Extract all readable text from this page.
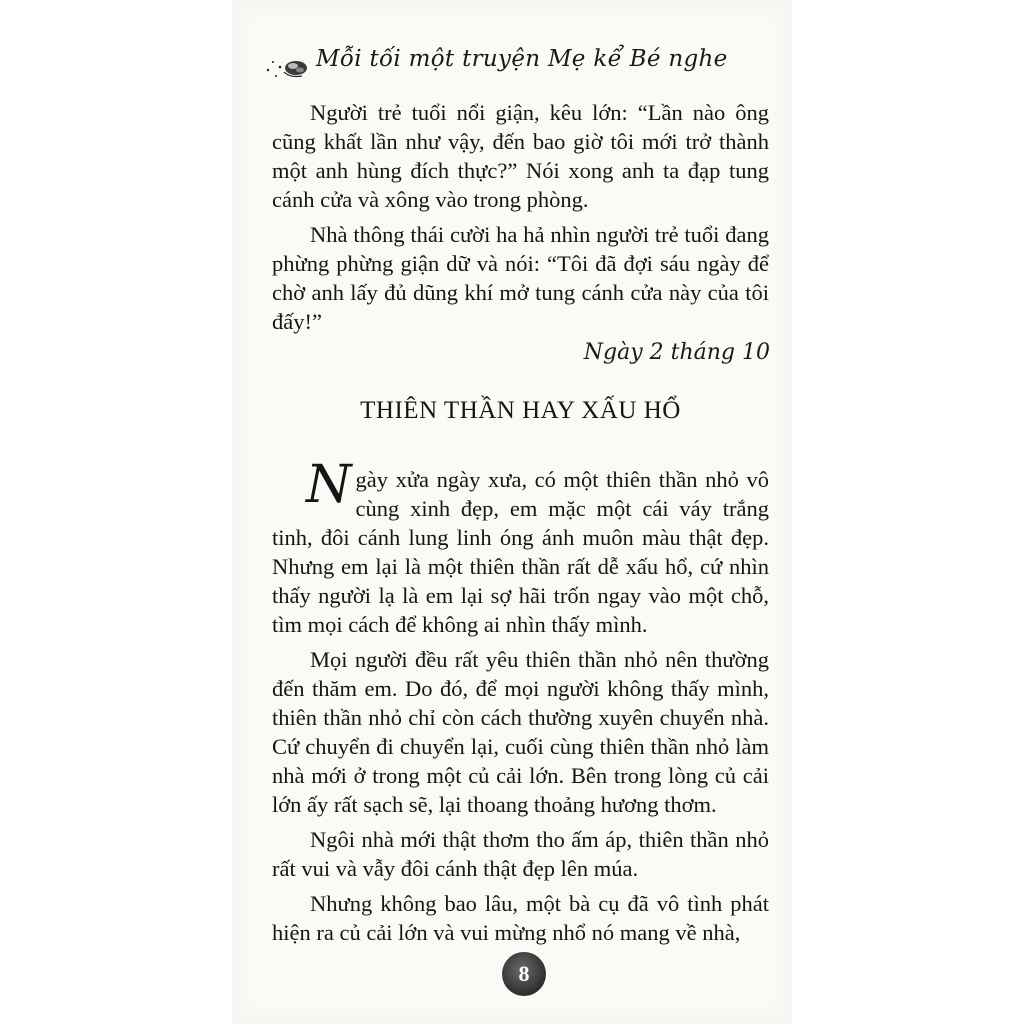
Mỗi tối một truyện Mẹ kể Bé nghe

Người trẻ tuổi nổi giận, kêu lớn: “Lần nào ông cũng khất lần như vậy, đến bao giờ tôi mới trở thành một anh hùng đích thực?” Nói xong anh ta đạp tung cánh cửa và xông vào trong phòng.

Nhà thông thái cười ha hả nhìn người trẻ tuổi đang phừng phừng giận dữ và nói: “Tôi đã đợi sáu ngày để chờ anh lấy đủ dũng khí mở tung cánh cửa này của tôi đấy!”

Ngày 2 tháng 10
THIÊN THẦN HAY XẤU HỔ

Ngày xửa ngày xưa, có một thiên thần nhỏ vô cùng xinh đẹp, em mặc một cái váy trắng tinh, đôi cánh lung linh óng ánh muôn màu thật đẹp. Nhưng em lại là một thiên thần rất dễ xấu hổ, cứ nhìn thấy người lạ là em lại sợ hãi trốn ngay vào một chỗ, tìm mọi cách để không ai nhìn thấy mình.

Mọi người đều rất yêu thiên thần nhỏ nên thường đến thăm em. Do đó, để mọi người không thấy mình, thiên thần nhỏ chỉ còn cách thường xuyên chuyển nhà. Cứ chuyển đi chuyển lại, cuối cùng thiên thần nhỏ làm nhà mới ở trong một củ cải lớn. Bên trong lòng củ cải lớn ấy rất sạch sẽ, lại thoang thoảng hương thơm.

Ngôi nhà mới thật thơm tho ấm áp, thiên thần nhỏ rất vui và vẫy đôi cánh thật đẹp lên múa.

Nhưng không bao lâu, một bà cụ đã vô tình phát hiện ra củ cải lớn và vui mừng nhổ nó mang về nhà,

8
